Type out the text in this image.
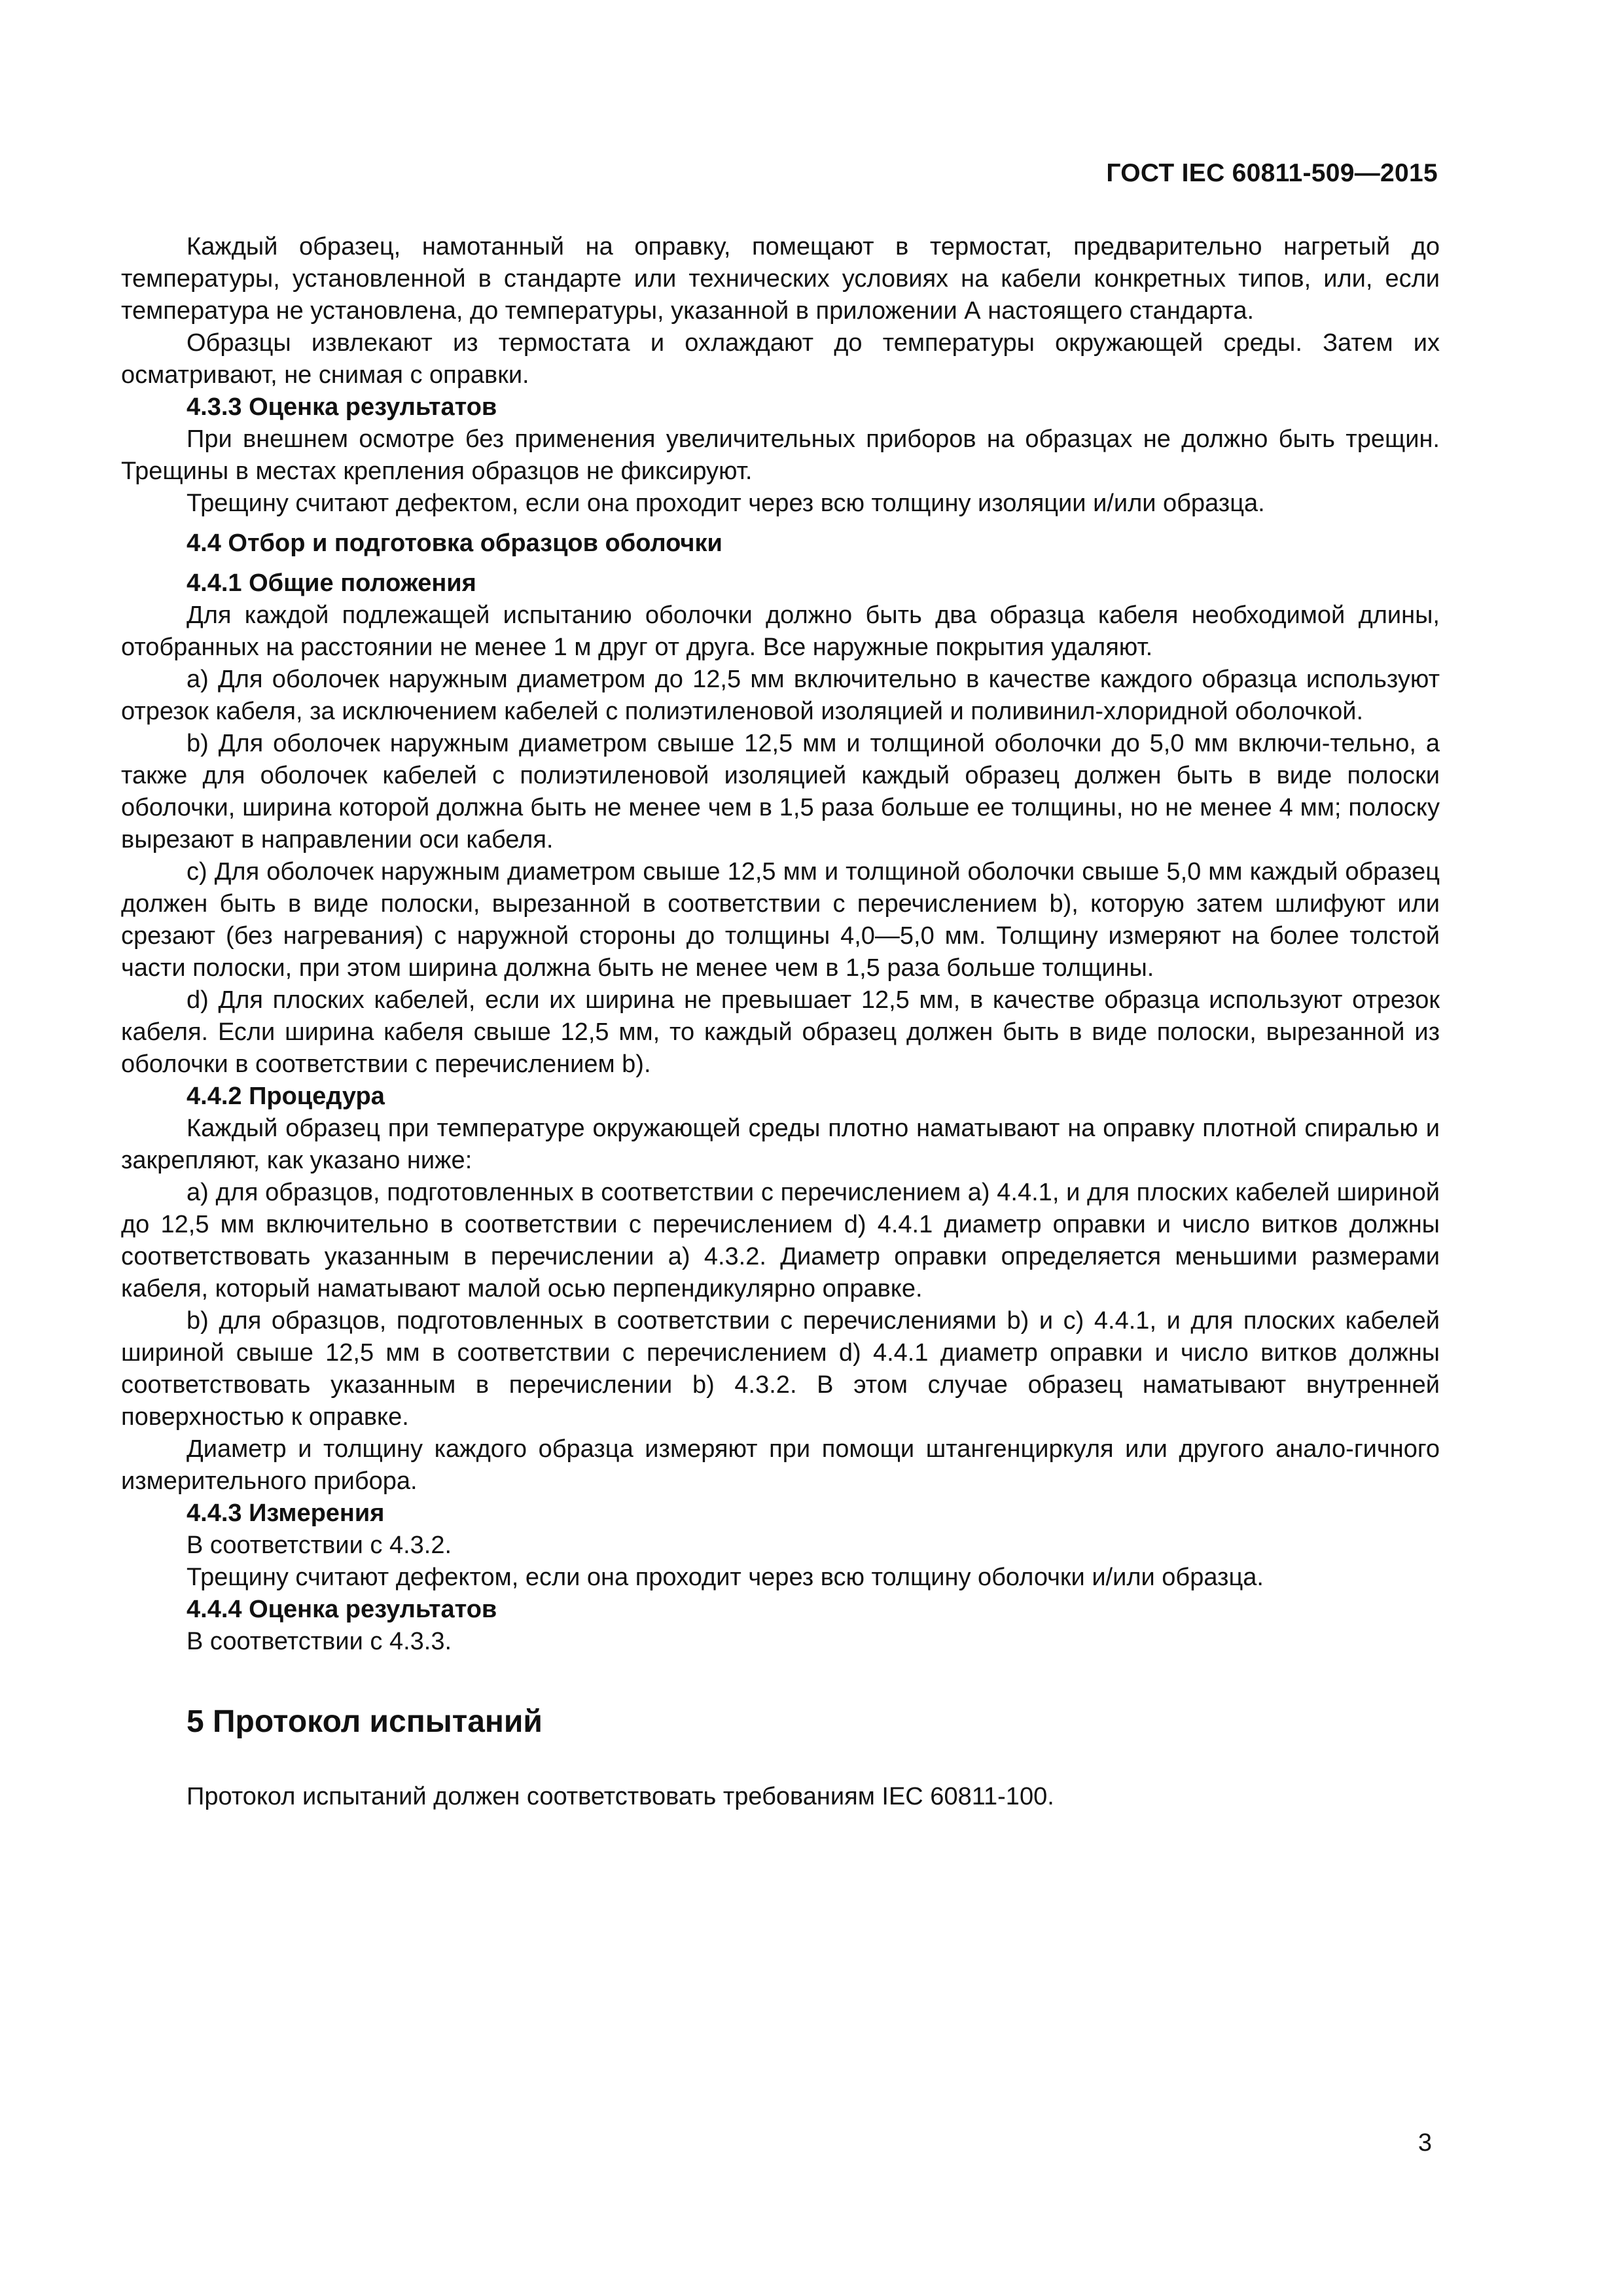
ГОСТ IEC 60811-509—2015

Каждый образец, намотанный на оправку, помещают в термостат, предварительно нагретый до температуры, установленной в стандарте или технических условиях на кабели конкретных типов, или, если температура не установлена, до температуры, указанной в приложении А настоящего стандарта.

Образцы извлекают из термостата и охлаждают до температуры окружающей среды. Затем их осматривают, не снимая с оправки.

4.3.3 Оценка результатов

При внешнем осмотре без применения увеличительных приборов на образцах не должно быть трещин. Трещины в местах крепления образцов не фиксируют.

Трещину считают дефектом, если она проходит через всю толщину изоляции и/или образца.

4.4 Отбор и подготовка образцов оболочки
4.4.1 Общие положения

Для каждой подлежащей испытанию оболочки должно быть два образца кабеля необходимой длины, отобранных на расстоянии не менее 1 м друг от друга. Все наружные покрытия удаляют.

а) Для оболочек наружным диаметром до 12,5 мм включительно в качестве каждого образца используют отрезок кабеля, за исключением кабелей с полиэтиленовой изоляцией и поливинил-хлоридной оболочкой.

b) Для оболочек наружным диаметром свыше 12,5 мм и толщиной оболочки до 5,0 мм включи-тельно, а также для оболочек кабелей с полиэтиленовой изоляцией каждый образец должен быть в виде полоски оболочки, ширина которой должна быть не менее чем в 1,5 раза больше ее толщины, но не менее 4 мм; полоску вырезают в направлении оси кабеля.

с) Для оболочек наружным диаметром свыше 12,5 мм и толщиной оболочки свыше 5,0 мм каждый образец должен быть в виде полоски, вырезанной в соответствии с перечислением b), которую затем шлифуют или срезают (без нагревания) с наружной стороны до толщины 4,0—5,0 мм. Толщину измеряют на более толстой части полоски, при этом ширина должна быть не менее чем в 1,5 раза больше толщины.

d) Для плоских кабелей, если их ширина не превышает 12,5 мм, в качестве образца используют отрезок кабеля. Если ширина кабеля свыше 12,5 мм, то каждый образец должен быть в виде полоски, вырезанной из оболочки в соответствии с перечислением b).

4.4.2 Процедура

Каждый образец при температуре окружающей среды плотно наматывают на оправку плотной спиралью и закрепляют, как указано ниже:

а) для образцов, подготовленных в соответствии с перечислением а) 4.4.1, и для плоских кабелей шириной до 12,5 мм включительно в соответствии с перечислением d) 4.4.1 диаметр оправки и число витков должны соответствовать указанным в перечислении а) 4.3.2. Диаметр оправки определяется меньшими размерами кабеля, который наматывают малой осью перпендикулярно оправке.

b) для образцов, подготовленных в соответствии с перечислениями b) и с) 4.4.1, и для плоских кабелей шириной свыше 12,5 мм в соответствии с перечислением d) 4.4.1 диаметр оправки и число витков должны соответствовать указанным в перечислении b) 4.3.2. В этом случае образец наматывают внутренней поверхностью к оправке.

Диаметр и толщину каждого образца измеряют при помощи штангенциркуля или другого анало-гичного измерительного прибора.

4.4.3 Измерения

В соответствии с 4.3.2.

Трещину считают дефектом, если она проходит через всю толщину оболочки и/или образца.

4.4.4 Оценка результатов

В соответствии с 4.3.3.

5 Протокол испытаний

Протокол испытаний должен соответствовать требованиям IEC 60811-100.

3
